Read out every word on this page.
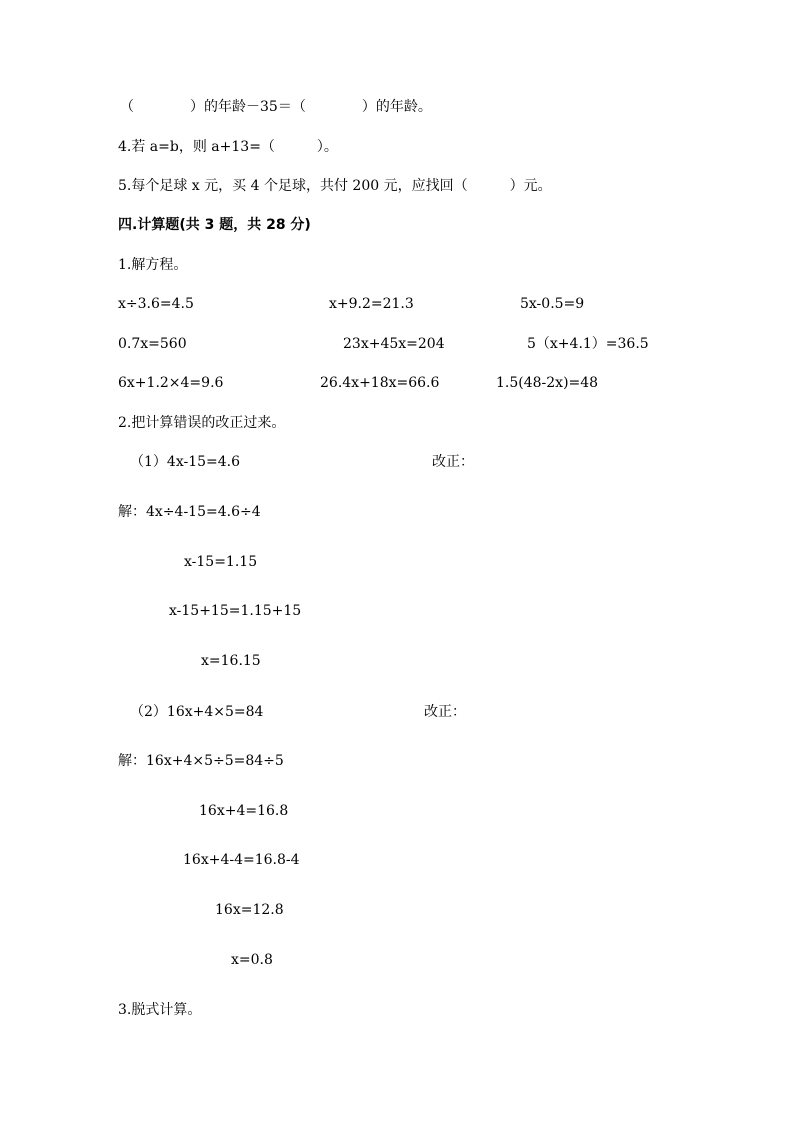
（　　　　）的年龄－35＝（　　　　）的年龄。
4.若 a=b，则 a+13=（　　　）。
5.每个足球 x 元，买 4 个足球，共付 200 元，应找回（　　　）元。
四.计算题(共 3 题，共 28 分)
1.解方程。
x÷3.6=4.5	x+9.2=21.3	5x-0.5=9
0.7x=560	23x+45x=204	5（x+4.1）=36.5
6x+1.2×4=9.6	26.4x+18x=66.6	1.5(48-2x)=48
2.把计算错误的改正过来。
（1）4x-15=4.6	改正：
解：4x÷4-15=4.6÷4
x-15=1.15
x-15+15=1.15+15
x=16.15
（2）16x+4×5=84	改正：
解：16x+4×5÷5=84÷5
16x+4=16.8
16x+4-4=16.8-4
16x=12.8
x=0.8
3.脱式计算。
